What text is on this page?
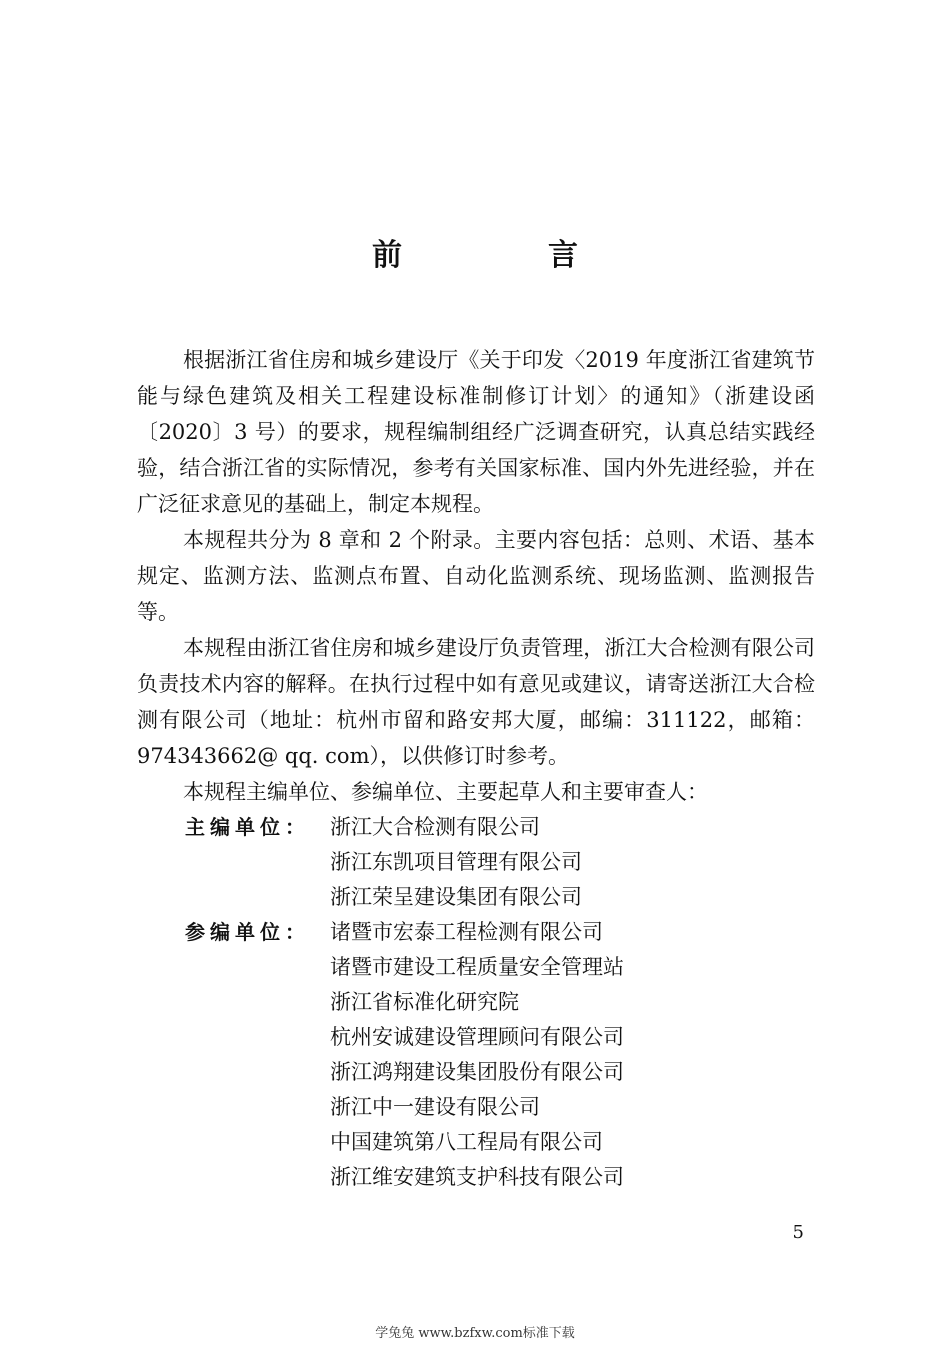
前　言

根据浙江省住房和城乡建设厅《关于印发〈2019 年度浙江省建筑节能与绿色建筑及相关工程建设标准制修订计划〉的通知》（浙建设函〔2020〕3 号）的要求，规程编制组经广泛调查研究，认真总结实践经验，结合浙江省的实际情况，参考有关国家标准、国内外先进经验，并在广泛征求意见的基础上，制定本规程。

本规程共分为 8 章和 2 个附录。主要内容包括：总则、术语、基本规定、监测方法、监测点布置、自动化监测系统、现场监测、监测报告等。

本规程由浙江省住房和城乡建设厅负责管理，浙江大合检测有限公司负责技术内容的解释。在执行过程中如有意见或建议，请寄送浙江大合检测有限公司（地址：杭州市留和路安邦大厦，邮编：311122，邮箱：974343662@ qq. com），以供修订时参考。

本规程主编单位、参编单位、主要起草人和主要审查人：

主编单位： 浙江大合检测有限公司
浙江东凯项目管理有限公司
浙江荣呈建设集团有限公司
参编单位： 诸暨市宏泰工程检测有限公司
诸暨市建设工程质量安全管理站
浙江省标准化研究院
杭州安诚建设管理顾问有限公司
浙江鸿翔建设集团股份有限公司
浙江中一建设有限公司
中国建筑第八工程局有限公司
浙江维安建筑支护科技有限公司
5
学兔兔 www.bzfxw.com标准下载
